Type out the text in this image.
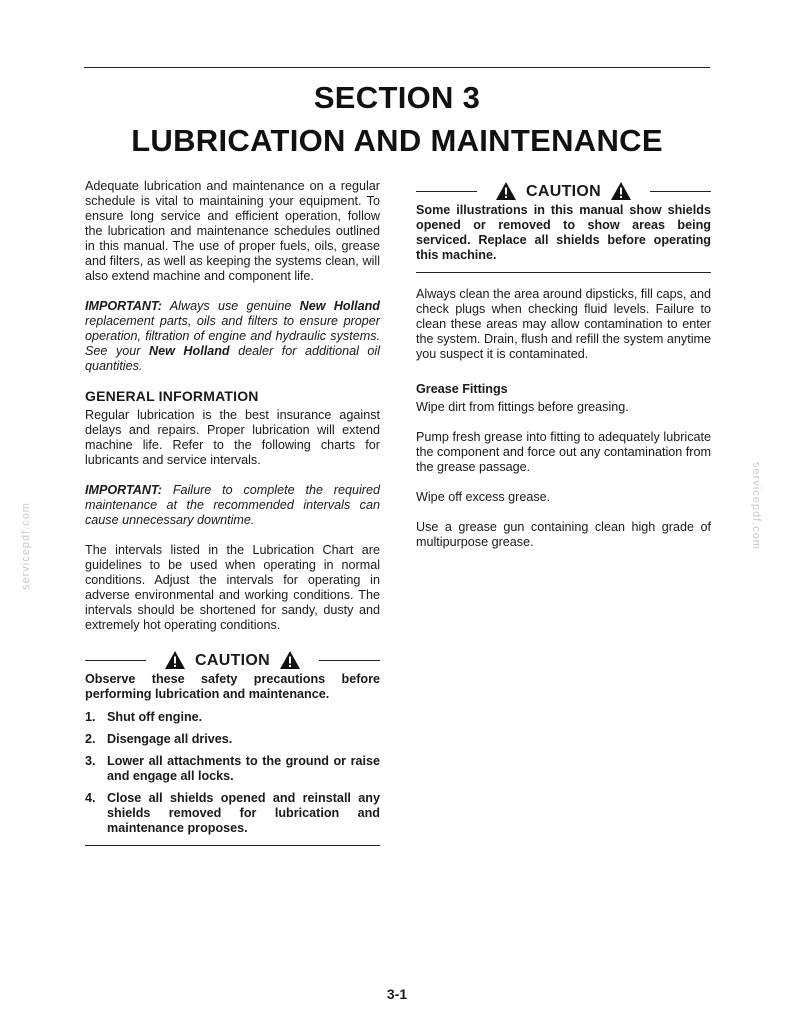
SECTION 3
LUBRICATION AND MAINTENANCE

Adequate lubrication and maintenance on a regular schedule is vital to maintaining your equipment. To ensure long service and efficient operation, follow the lubrication and maintenance schedules outlined in this manual. The use of proper fuels, oils, grease and filters, as well as keeping the systems clean, will also extend machine and component life.

IMPORTANT: Always use genuine New Holland replacement parts, oils and filters to ensure proper operation, filtration of engine and hydraulic systems. See your New Holland dealer for additional oil quantities.

GENERAL INFORMATION

Regular lubrication is the best insurance against delays and repairs. Proper lubrication will extend machine life. Refer to the following charts for lubricants and service intervals.

IMPORTANT: Failure to complete the required maintenance at the recommended intervals can cause unnecessary downtime.

The intervals listed in the Lubrication Chart are guidelines to be used when operating in normal conditions. Adjust the intervals for operating in adverse environmental and working conditions. The intervals should be shortened for sandy, dusty and extremely hot operating conditions.

CAUTION

Observe these safety precautions before performing lubrication and maintenance.

1. Shut off engine.
2. Disengage all drives.
3. Lower all attachments to the ground or raise and engage all locks.
4. Close all shields opened and reinstall any shields removed for lubrication and maintenance proposes.
CAUTION

Some illustrations in this manual show shields opened or removed to show areas being serviced. Replace all shields before operating this machine.

Always clean the area around dipsticks, fill caps, and check plugs when checking fluid levels. Failure to clean these areas may allow contamination to enter the system. Drain, flush and refill the system anytime you suspect it is contaminated.

Grease Fittings

Wipe dirt from fittings before greasing.

Pump fresh grease into fitting to adequately lubricate the component and force out any contamination from the grease passage.

Wipe off excess grease.

Use a grease gun containing clean high grade of multipurpose grease.

servicepdf.com	servicepdf.com
3-1
